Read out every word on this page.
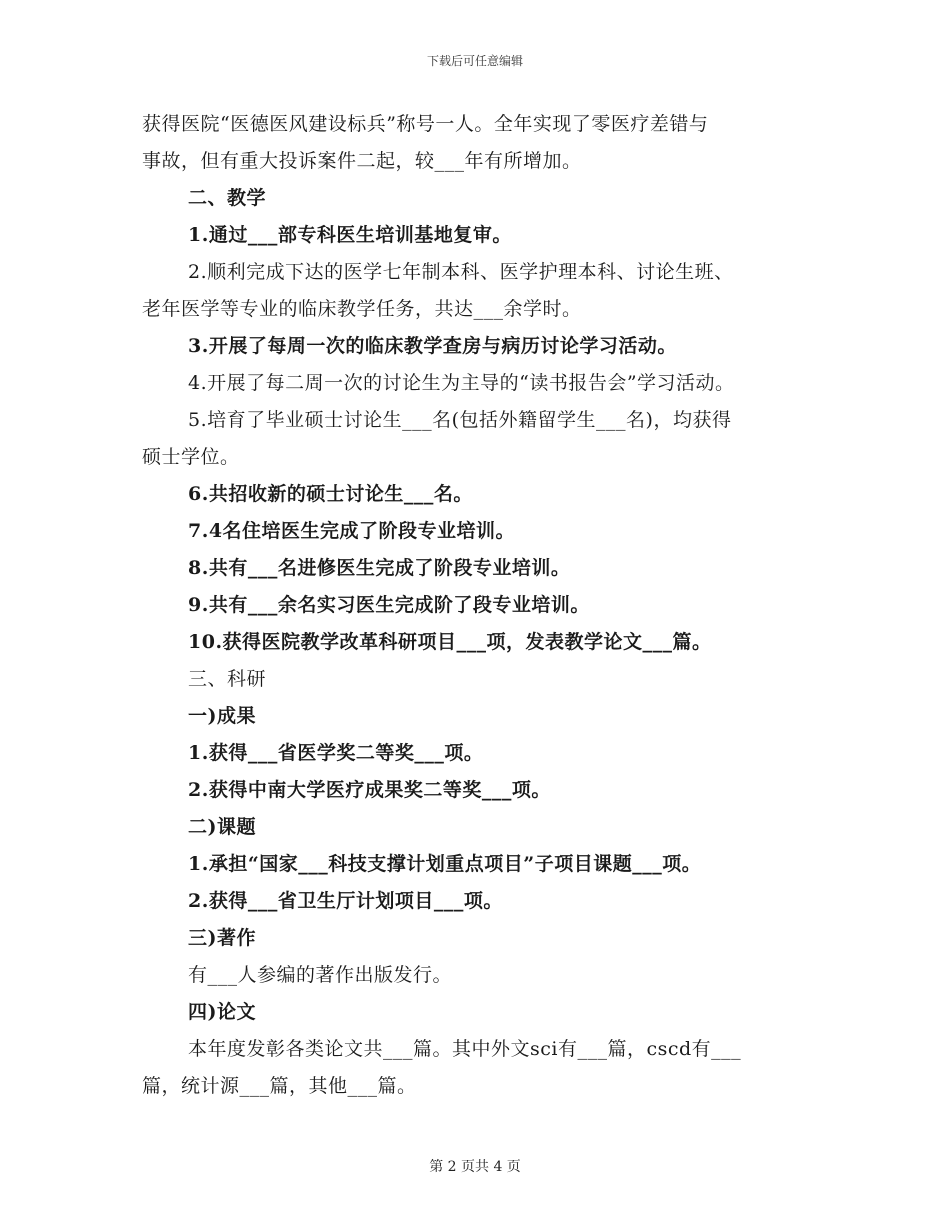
下载后可任意编辑
获得医院“医德医风建设标兵”称号一人。全年实现了零医疗差错与
事故，但有重大投诉案件二起，较___年有所增加。
二、教学
1.通过___部专科医生培训基地复审。
2.顺利完成下达的医学七年制本科、医学护理本科、讨论生班、
老年医学等专业的临床教学任务，共达___余学时。
3.开展了每周一次的临床教学查房与病历讨论学习活动。
4.开展了每二周一次的讨论生为主导的“读书报告会”学习活动。
5.培育了毕业硕士讨论生___名(包括外籍留学生___名)，均获得
硕士学位。
6.共招收新的硕士讨论生___名。
7.4名住培医生完成了阶段专业培训。
8.共有___名进修医生完成了阶段专业培训。
9.共有___余名实习医生完成阶了段专业培训。
10.获得医院教学改革科研项目___项，发表教学论文___篇。
三、科研
一)成果
1.获得___省医学奖二等奖___项。
2.获得中南大学医疗成果奖二等奖___项。
二)课题
1.承担“国家___科技支撑计划重点项目”子项目课题___项。
2.获得___省卫生厅计划项目___项。
三)著作
有___人参编的著作出版发行。
四)论文
本年度发彰各类论文共___篇。其中外文sci有___篇，cscd有___
篇，统计源___篇，其他___篇。
第 2 页共 4 页
